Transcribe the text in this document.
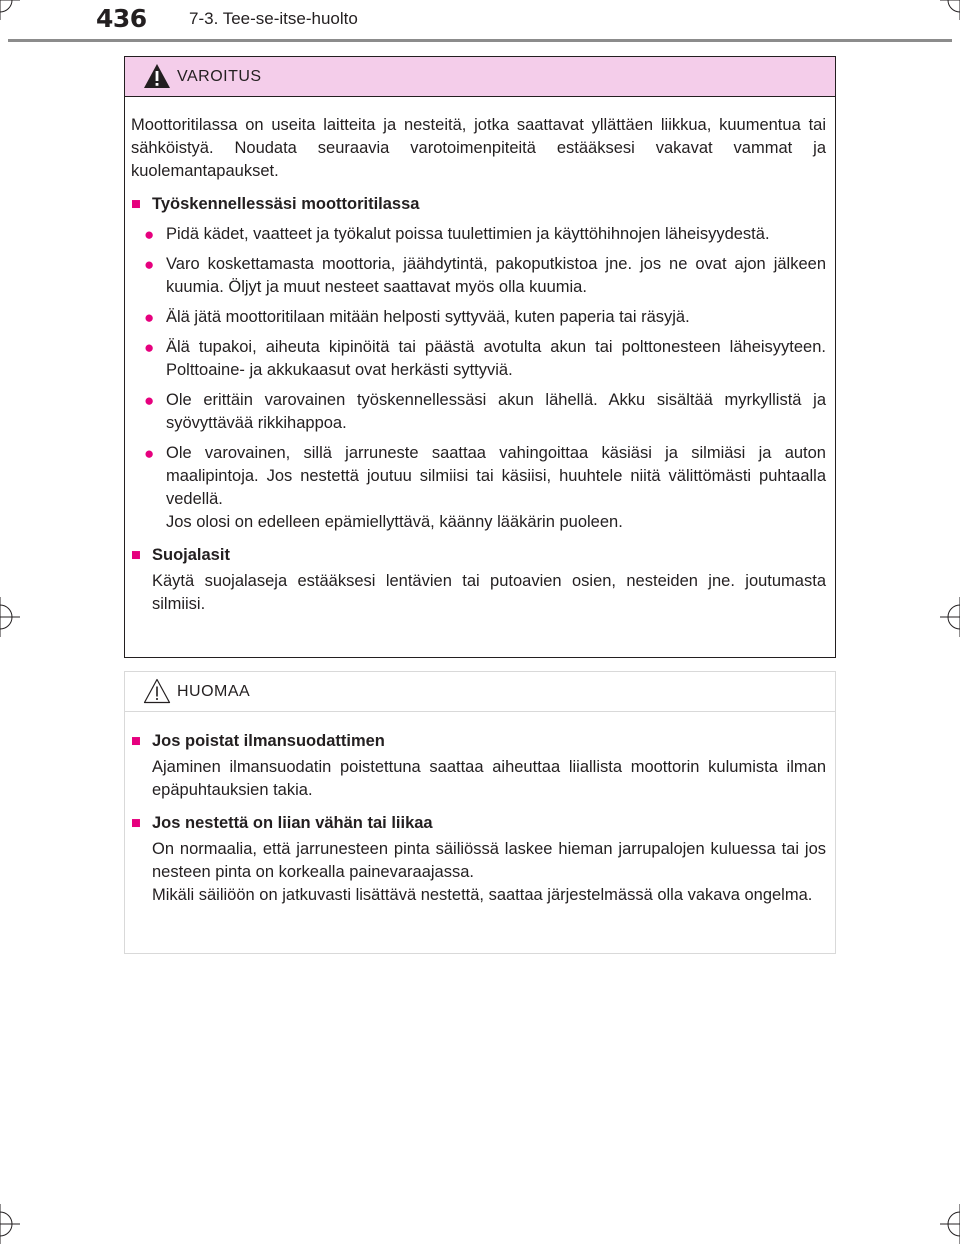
436 7-3. Tee-se-itse-huolto
VAROITUS
Moottoritilassa on useita laitteita ja nesteitä, jotka saattavat yllättäen liikkua, kuumentua tai sähköistyä. Noudata seuraavia varotoimenpiteitä estääksesi vakavat vammat ja kuolemantapaukset.
■ Työskennellessäsi moottoritilassa
● Pidä kädet, vaatteet ja työkalut poissa tuulettimien ja käyttöhihnojen läheisyydestä.
● Varo koskettamasta moottoria, jäähdytintä, pakoputkistoa jne. jos ne ovat ajon jälkeen kuumia. Öljyt ja muut nesteet saattavat myös olla kuumia.
● Älä jätä moottoritilaan mitään helposti syttyvää, kuten paperia tai räsyjä.
● Älä tupakoi, aiheuta kipinöitä tai päästä avotulta akun tai polttonesteen läheisyyteen. Polttoaine- ja akkukaasut ovat herkästi syttyviä.
● Ole erittäin varovainen työskennellessäsi akun lähellä. Akku sisältää myrkyllistä ja syövyttävää rikkihappoa.
● Ole varovainen, sillä jarruneste saattaa vahingoittaa käsiäsi ja silmiäsi ja auton maalipintoja. Jos nestettä joutuu silmiisi tai käsiisi, huuhtele niitä välittömästi puhtaalla vedellä.
Jos olosi on edelleen epämiellyttävä, käänny lääkärin puoleen.
■ Suojalasit
Käytä suojalaseja estääksesi lentävien tai putoavien osien, nesteiden jne. joutumasta silmiisi.
HUOMAA
■ Jos poistat ilmansuodattimen
Ajaminen ilmansuodatin poistettuna saattaa aiheuttaa liiallista moottorin kulumista ilman epäpuhtauksien takia.
■ Jos nestettä on liian vähän tai liikaa
On normaalia, että jarrunesteen pinta säiliössä laskee hieman jarrupalojen kuluessa tai jos nesteen pinta on korkealla painevaraajassa.
Mikäli säiliöön on jatkuvasti lisättävä nestettä, saattaa järjestelmässä olla vakava ongelma.
